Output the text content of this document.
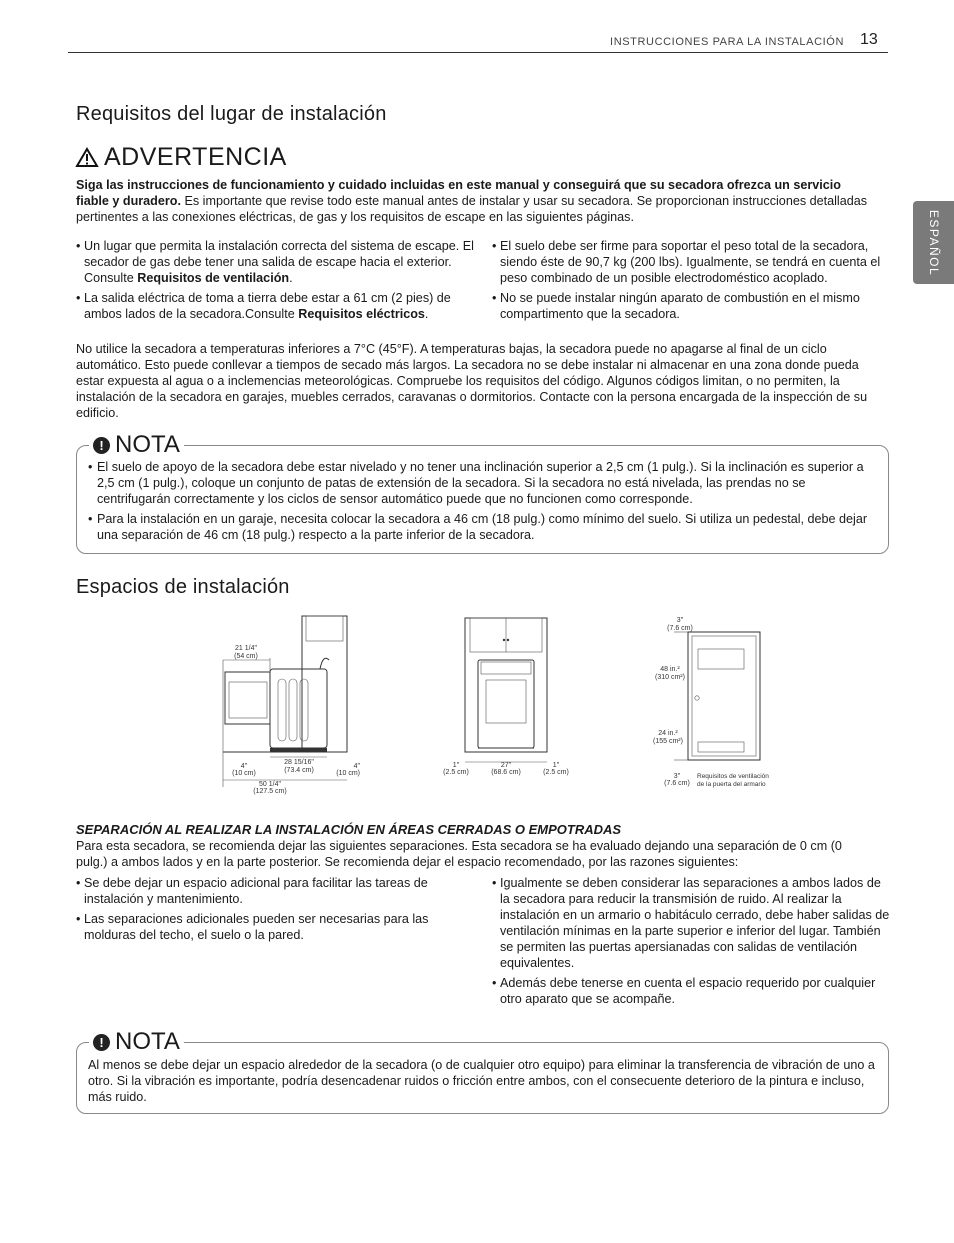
INSTRUCCIONES PARA LA INSTALACIÓN 13
ESPAÑOL
Requisitos del lugar de instalación
ADVERTENCIA

Siga las instrucciones de funcionamiento y cuidado incluidas en este manual y conseguirá que su secadora ofrezca un servicio fiable y duradero. Es importante que revise todo este manual antes de instalar y usar su secadora. Se proporcionan instrucciones detalladas pertinentes a las conexiones eléctricas, de gas y los requisitos de escape en las siguientes páginas.

• Un lugar que permita la instalación correcta del sistema de escape. El secador de gas debe tener una salida de escape hacia el exterior. Consulte Requisitos de ventilación.
• La salida eléctrica de toma a tierra debe estar a 61 cm (2 pies) de ambos lados de la secadora.Consulte Requisitos eléctricos.
• El suelo debe ser firme para soportar el peso total de la secadora, siendo éste de 90,7 kg (200 lbs). Igualmente, se tendrá en cuenta el peso combinado de un posible electrodoméstico acoplado.
• No se puede instalar ningún aparato de combustión en el mismo compartimento que la secadora.

No utilice la secadora a temperaturas inferiores a 7°C (45°F). A temperaturas bajas, la secadora puede no apagarse al final de un ciclo automático. Esto puede conllevar a tiempos de secado más largos. La secadora no se debe instalar ni almacenar en una zona donde pueda estar expuesta al agua o a inclemencias meteorológicas. Compruebe los requisitos del código. Algunos códigos limitan, o no permiten, la instalación de la secadora en garajes, muebles cerrados, caravanas o dormitorios. Contacte con la persona encargada de la inspección de su edificio.

! NOTA
• El suelo de apoyo de la secadora debe estar nivelado y no tener una inclinación superior a 2,5 cm (1 pulg.). Si la inclinación es superior a 2,5 cm (1 pulg.), coloque un conjunto de patas de extensión de la secadora. Si la secadora no está nivelada, las prendas no se centrifugarán correctamente y los ciclos de sensor automático puede que no funcionen como corresponde.
• Para la instalación en un garaje, necesita colocar la secadora a 46 cm (18 pulg.) como mínimo del suelo. Si utiliza un pedestal, debe dejar una separación de 46 cm (18 pulg.) respecto a la parte inferior de la secadora.
Espacios de instalación
21 1/4"
(54 cm)
4"
(10 cm)
28 15/16"
(73.4 cm)
4"
(10 cm)
50 1/4"
(127.5 cm)
1"
(2.5 cm)
27"
(68.6 cm)
1"
(2.5 cm)
3"
(7.6 cm)
48 in.²
(310 cm²)
24 in.²
(155 cm²)
3"
(7.6 cm)
Requisitos de ventilación
de la puerta del armario
SEPARACIÓN AL REALIZAR LA INSTALACIÓN EN ÁREAS CERRADAS O EMPOTRADAS

Para esta secadora, se recomienda dejar las siguientes separaciones. Esta secadora se ha evaluado dejando una separación de 0 cm (0 pulg.) a ambos lados y en la parte posterior. Se recomienda dejar el espacio recomendado, por las razones siguientes:

• Se debe dejar un espacio adicional para facilitar las tareas de instalación y mantenimiento.
• Las separaciones adicionales pueden ser necesarias para las molduras del techo, el suelo o la pared.
• Igualmente se deben considerar las separaciones a ambos lados de la secadora para reducir la transmisión de ruido. Al realizar la instalación en un armario o habitáculo cerrado, debe haber salidas de ventilación mínimas en la parte superior e inferior del lugar. También se permiten las puertas apersianadas con salidas de ventilación equivalentes.
• Además debe tenerse en cuenta el espacio requerido por cualquier otro aparato que se acompañe.
! NOTA

Al menos se debe dejar un espacio alrededor de la secadora (o de cualquier otro equipo) para eliminar la transferencia de vibración de uno a otro. Si la vibración es importante, podría desencadenar ruidos o fricción entre ambos, con el consecuente deterioro de la pintura e incluso, más ruido.
